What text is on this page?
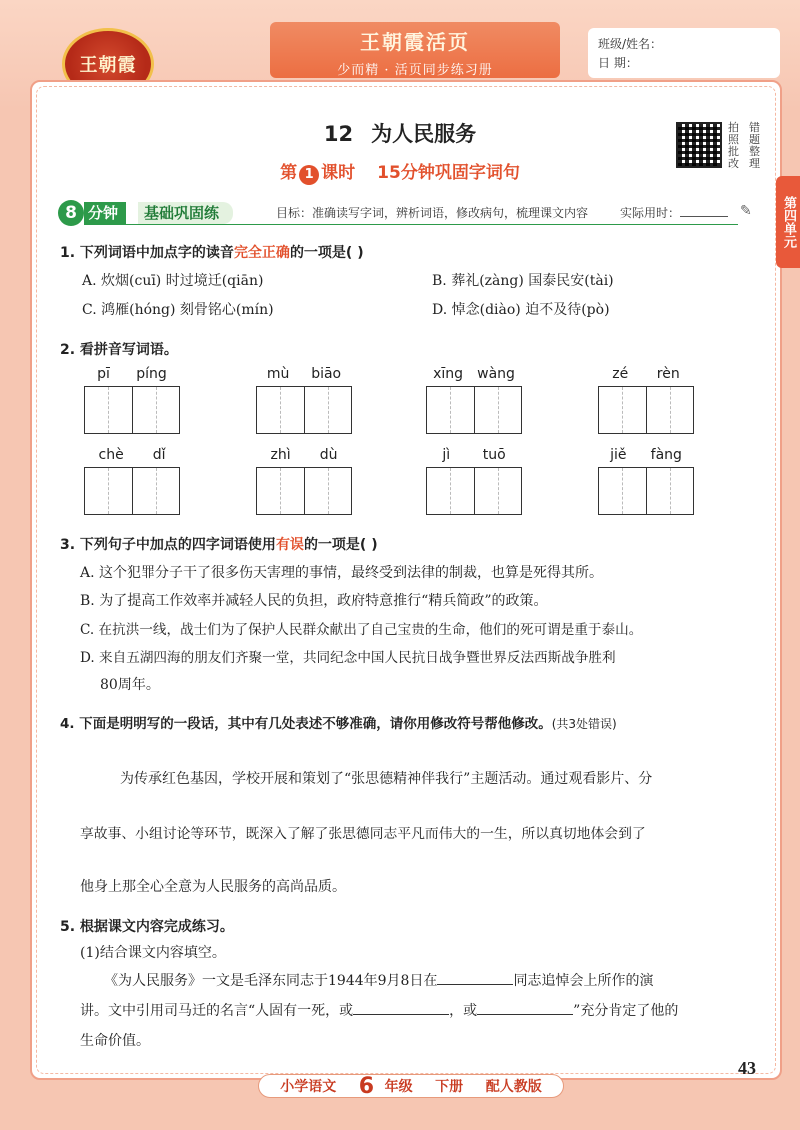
王朝霞
王朝霞活页
少而精 · 活页同步练习册
班级/姓名：
日 期：
第四单元
12 为人民服务
第 1 课时 15分钟巩固字词句
拍 错
照 题
批 整
改 理
8 分钟	基础巩固练	目标：准确读写字词，辨析词语，修改病句，梳理课文内容	实际用时：	✎
1. 下列词语中加点字的读音完全正确的一项是( )
A. 炊烟(cuī) 时过境迁(qiān)	B. 葬礼(zàng) 国泰民安(tài)
C. 鸿雁(hóng) 刻骨铭心(mín)	D. 悼念(diào) 迫不及待(pò)
2. 看拼音写词语。
pī píng	mù biāo	xīng wàng	zé rèn
chè dǐ	zhì dù	jì tuō	jiě fàng
3. 下列句子中加点的四字词语使用有误的一项是( )
A. 这个犯罪分子干了很多伤天害理的事情，最终受到法律的制裁，也算是死得其所。
B. 为了提高工作效率并减轻人民的负担，政府特意推行“精兵简政”的政策。
C. 在抗洪一线，战士们为了保护人民群众献出了自己宝贵的生命，他们的死可谓是重于泰山。
D. 来自五湖四海的朋友们齐聚一堂，共同纪念中国人民抗日战争暨世界反法西斯战争胜利
80周年。
4. 下面是明明写的一段话，其中有几处表述不够准确，请你用修改符号帮他修改。(共3处错误)
为传承红色基因，学校开展和策划了“张思德精神伴我行”主题活动。通过观看影片、分
享故事、小组讨论等环节，既深入了解了张思德同志平凡而伟大的一生，所以真切地体会到了
他身上那全心全意为人民服务的高尚品质。
5. 根据课文内容完成练习。
(1)结合课文内容填空。
《为人民服务》一文是毛泽东同志于1944年9月8日在	同志追悼会上所作的演
讲。文中引用司马迁的名言“人固有一死，或	，或	”充分肯定了他的
生命价值。
43
小学语文 6 年级 下册 配人教版
